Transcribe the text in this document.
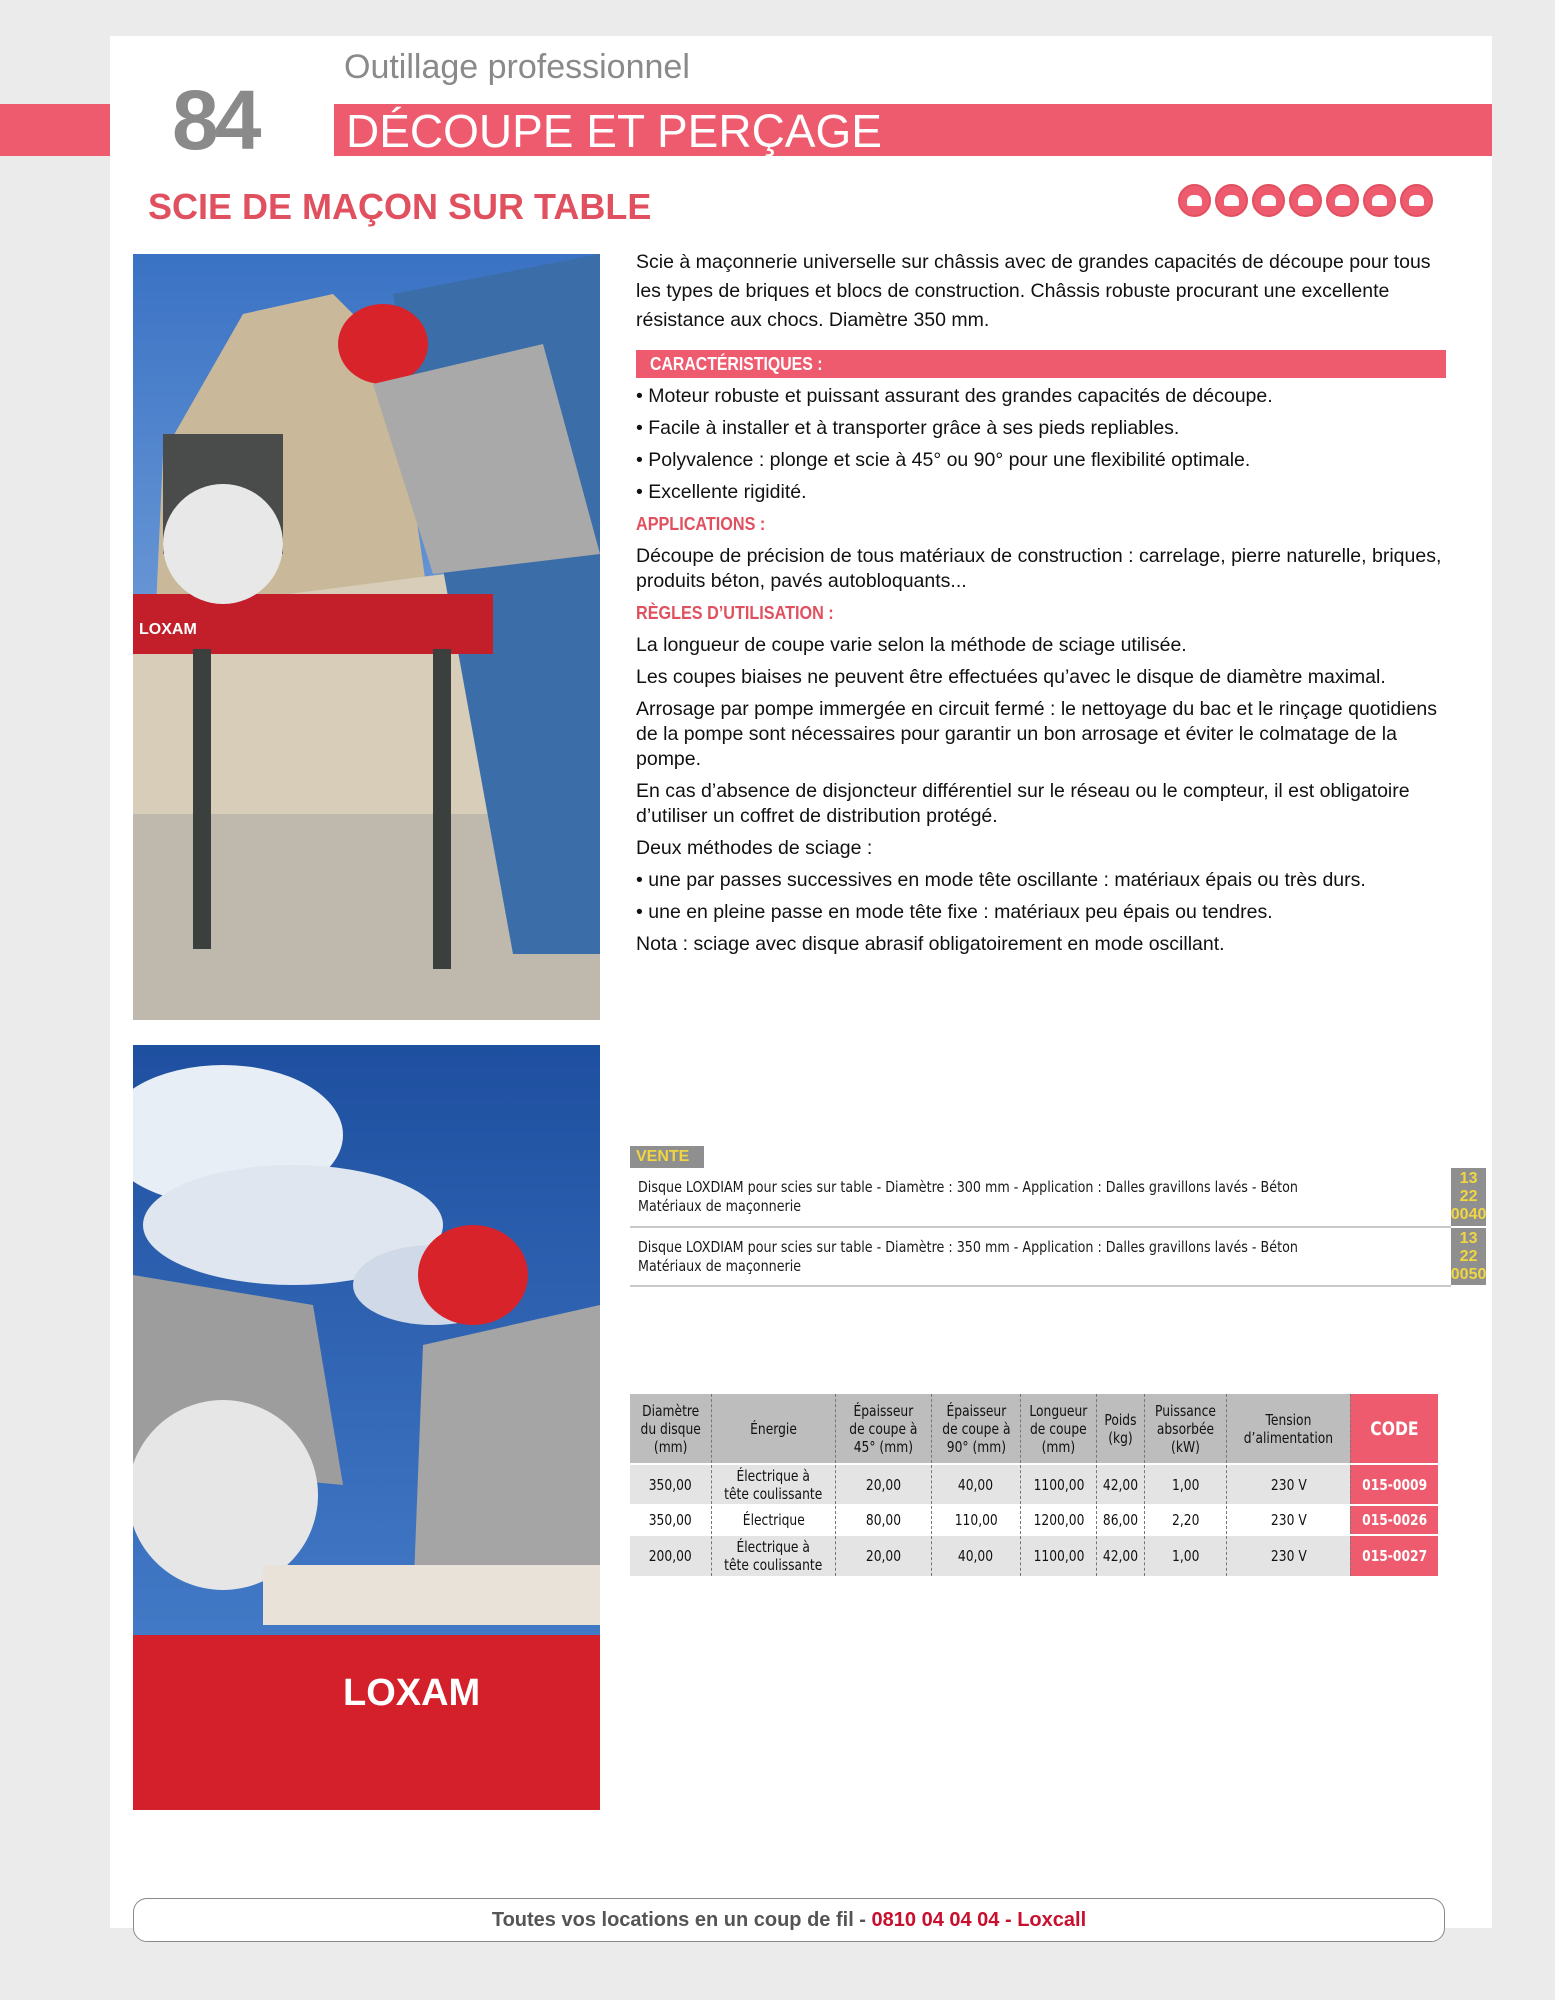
84
Outillage professionnel
DÉCOUPE ET PERÇAGE
SCIE DE MAÇON SUR TABLE
LOXAM
LOXAM
Scie à maçonnerie universelle sur châssis avec de grandes capacités de découpe pour tous les types de briques et blocs de construction. Châssis robuste procurant une excellente résistance aux chocs. Diamètre 350 mm.
CARACTÉRISTIQUES :

• Moteur robuste et puissant assurant des grandes capacités de découpe.

• Facile à installer et à transporter grâce à ses pieds repliables.

• Polyvalence : plonge et scie à 45° ou 90° pour une flexibilité optimale.

• Excellente rigidité.

APPLICATIONS :

Découpe de précision de tous matériaux de construction : carrelage, pierre naturelle, briques, produits béton, pavés autobloquants...

RÈGLES D’UTILISATION :

La longueur de coupe varie selon la méthode de sciage utilisée.

Les coupes biaises ne peuvent être effectuées qu’avec le disque de diamètre maximal.

Arrosage par pompe immergée en circuit fermé : le nettoyage du bac et le rinçage quotidiens de la pompe sont nécessaires pour garantir un bon arrosage et éviter le colmatage de la pompe.

En cas d’absence de disjoncteur différentiel sur le réseau ou le compteur, il est obligatoire d’utiliser un coffret de distribution protégé.

Deux méthodes de sciage :

• une par passes successives en mode tête oscillante : matériaux épais ou très durs.

• une en pleine passe en mode tête fixe : matériaux peu épais ou tendres.

Nota : sciage avec disque abrasif obligatoirement en mode oscillant.

VENTE
Disque LOXDIAM pour scies sur table - Diamètre : 300 mm - Application : Dalles gravillons lavés - Béton
Matériaux de maçonnerie	13 22 0040
Disque LOXDIAM pour scies sur table - Diamètre : 350 mm - Application : Dalles gravillons lavés - Béton
Matériaux de maçonnerie	13 22 0050
Diamètre du disque (mm)	Énergie	Épaisseur de coupe à 45° (mm)	Épaisseur de coupe à 90° (mm)	Longueur de coupe (mm)	Poids (kg)	Puissance absorbée (kW)	Tension d’alimentation	CODE
350,00	Électrique à tête coulissante	20,00	40,00	1100,00	42,00	1,00	230 V	015-0009
350,00	Électrique	80,00	110,00	1200,00	86,00	2,20	230 V	015-0026
200,00	Électrique à tête coulissante	20,00	40,00	1100,00	42,00	1,00	230 V	015-0027
Toutes vos locations en un coup de fil - 0810 04 04 04 - Loxcall
